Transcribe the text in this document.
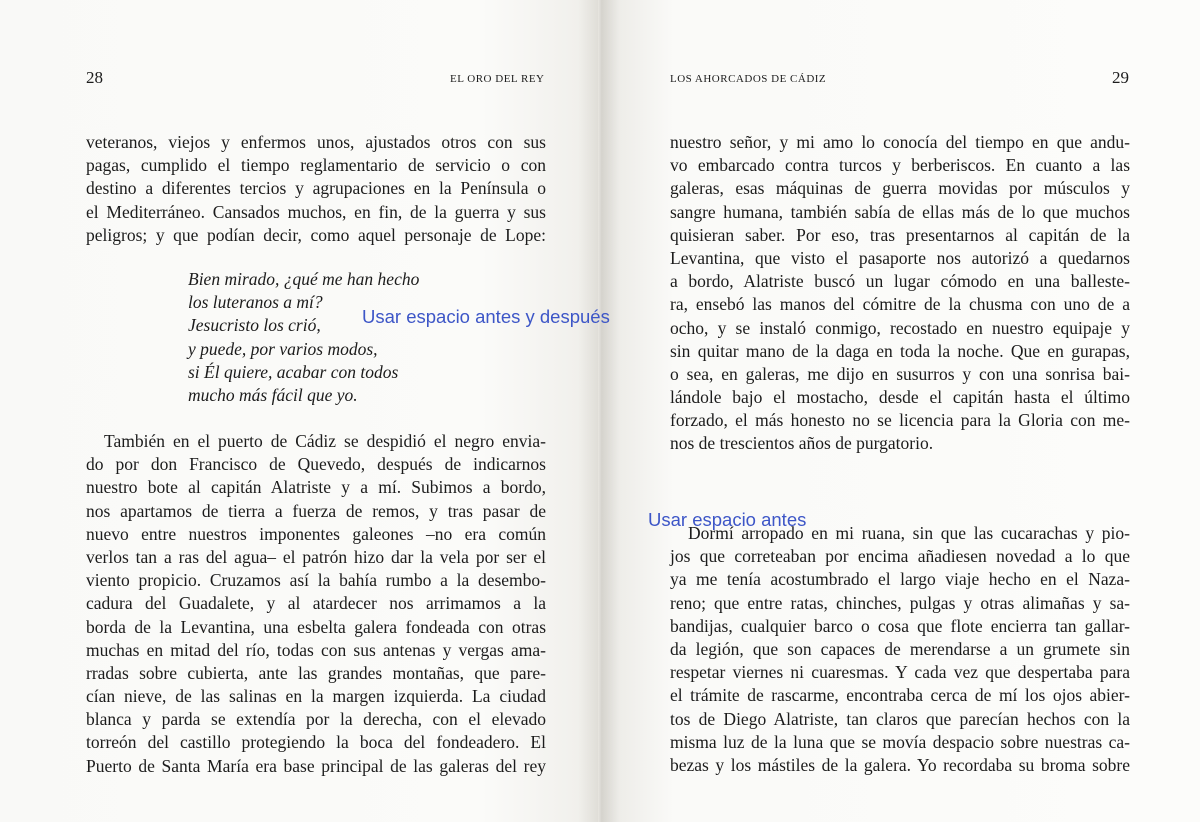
28	EL ORO DEL REY
veteranos, viejos y enfermos unos, ajustados otros con sus
pagas, cumplido el tiempo reglamentario de servicio o con
destino a diferentes tercios y agrupaciones en la Península o
el Mediterráneo. Cansados muchos, en fin, de la guerra y sus
peligros; y que podían decir, como aquel personaje de Lope:
Bien mirado, ¿qué me han hecho
los luteranos a mí?
Jesucristo los crió,
y puede, por varios modos,
si Él quiere, acabar con todos
mucho más fácil que yo.
También en el puerto de Cádiz se despidió el negro envia-
do por don Francisco de Quevedo, después de indicarnos
nuestro bote al capitán Alatriste y a mí. Subimos a bordo,
nos apartamos de tierra a fuerza de remos, y tras pasar de
nuevo entre nuestros imponentes galeones –no era común
verlos tan a ras del agua– el patrón hizo dar la vela por ser el
viento propicio. Cruzamos así la bahía rumbo a la desembo-
cadura del Guadalete, y al atardecer nos arrimamos a la
borda de la Levantina, una esbelta galera fondeada con otras
muchas en mitad del río, todas con sus antenas y vergas ama-
rradas sobre cubierta, ante las grandes montañas, que pare-
cían nieve, de las salinas en la margen izquierda. La ciudad
blanca y parda se extendía por la derecha, con el elevado
torreón del castillo protegiendo la boca del fondeadero. El
Puerto de Santa María era base principal de las galeras del rey
LOS AHORCADOS DE CÁDIZ	29
nuestro señor, y mi amo lo conocía del tiempo en que andu-
vo embarcado contra turcos y berberiscos. En cuanto a las
galeras, esas máquinas de guerra movidas por músculos y
sangre humana, también sabía de ellas más de lo que muchos
quisieran saber. Por eso, tras presentarnos al capitán de la
Levantina, que visto el pasaporte nos autorizó a quedarnos
a bordo, Alatriste buscó un lugar cómodo en una balleste-
ra, ensebó las manos del cómitre de la chusma con uno de a
ocho, y se instaló conmigo, recostado en nuestro equipaje y
sin quitar mano de la daga en toda la noche. Que en gurapas,
o sea, en galeras, me dijo en susurros y con una sonrisa bai-
lándole bajo el mostacho, desde el capitán hasta el último
forzado, el más honesto no se licencia para la Gloria con me-
nos de trescientos años de purgatorio.
Dormí arropado en mi ruana, sin que las cucarachas y pio-
jos que correteaban por encima añadiesen novedad a lo que
ya me tenía acostumbrado el largo viaje hecho en el Naza-
reno; que entre ratas, chinches, pulgas y otras alimañas y sa-
bandijas, cualquier barco o cosa que flote encierra tan gallar-
da legión, que son capaces de merendarse a un grumete sin
respetar viernes ni cuaresmas. Y cada vez que despertaba para
el trámite de rascarme, encontraba cerca de mí los ojos abier-
tos de Diego Alatriste, tan claros que parecían hechos con la
misma luz de la luna que se movía despacio sobre nuestras ca-
bezas y los mástiles de la galera. Yo recordaba su broma sobre
Usar espacio antes y después
Usar espacio antes
